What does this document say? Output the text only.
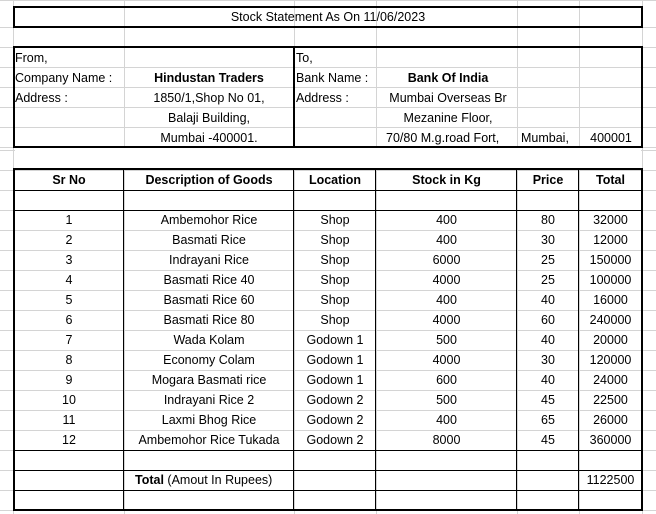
Stock Statement As On 11/06/2023
From,
Company Name :	Hindustan Traders
Address :	1850/1,Shop No 01,
Balaji Building,
Mumbai -400001.
To,
Bank Name :	Bank Of India
Address :	Mumbai Overseas Br
Mezanine Floor,
70/80 M.g.road Fort,	Mumbai,	400001
Sr No	Description of Goods	Location	Stock in Kg	Price	Total
1	Ambemohor Rice	Shop	400	80	32000
2	Basmati Rice	Shop	400	30	12000
3	Indrayani Rice	Shop	6000	25	150000
4	Basmati Rice 40	Shop	4000	25	100000
5	Basmati Rice 60	Shop	400	40	16000
6	Basmati Rice 80	Shop	4000	60	240000
7	Wada Kolam	Godown 1	500	40	20000
8	Economy Colam	Godown 1	4000	30	120000
9	Mogara Basmati rice	Godown 1	600	40	24000
10	Indrayani Rice 2	Godown 2	500	45	22500
11	Laxmi Bhog Rice	Godown 2	400	65	26000
12	Ambemohor Rice Tukada	Godown 2	8000	45	360000
Total (Amout In Rupees)	1122500
